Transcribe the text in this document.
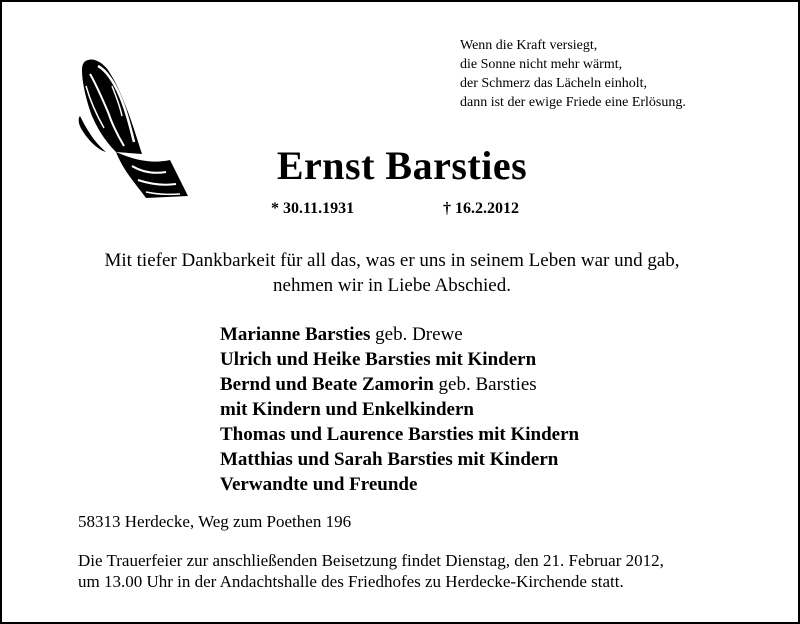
Wenn die Kraft versiegt,
die Sonne nicht mehr wärmt,
der Schmerz das Lächeln einholt,
dann ist der ewige Friede eine Erlösung.
Ernst Barsties
* 30.11.1931	† 16.2.2012
Mit tiefer Dankbarkeit für all das, was er uns in seinem Leben war und gab,
nehmen wir in Liebe Abschied.
Marianne Barsties geb. Drewe
Ulrich und Heike Barsties mit Kindern
Bernd und Beate Zamorin geb. Barsties
mit Kindern und Enkelkindern
Thomas und Laurence Barsties mit Kindern
Matthias und Sarah Barsties mit Kindern
Verwandte und Freunde
58313 Herdecke, Weg zum Poethen 196
Die Trauerfeier zur anschließenden Beisetzung findet Dienstag, den 21. Februar 2012,
um 13.00 Uhr in der Andachtshalle des Friedhofes zu Herdecke-Kirchende statt.
